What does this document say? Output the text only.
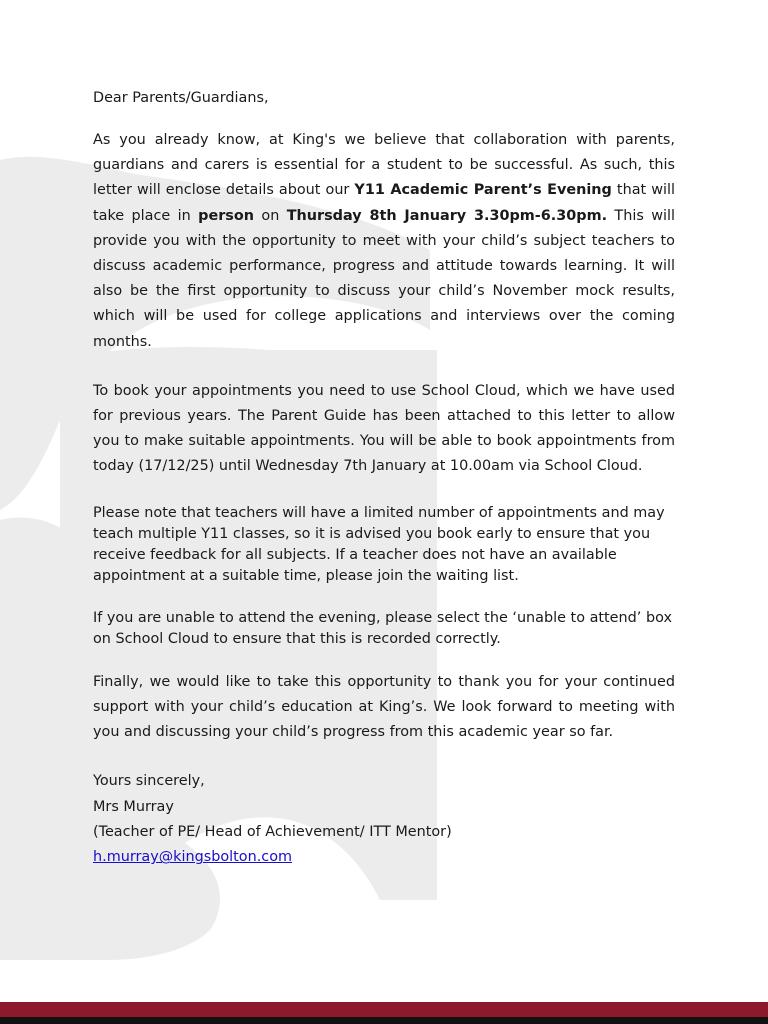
Dear Parents/Guardians,

As you already know, at King's we believe that collaboration with parents, guardians and carers is essential for a student to be successful. As such, this letter will enclose details about our Y11 Academic Parent’s Evening that will take place in person on Thursday 8th January 3.30pm-6.30pm. This will provide you with the opportunity to meet with your child’s subject teachers to discuss academic performance, progress and attitude towards learning. It will also be the first opportunity to discuss your child’s November mock results, which will be used for college applications and interviews over the coming months.

To book your appointments you need to use School Cloud, which we have used for previous years. The Parent Guide has been attached to this letter to allow you to make suitable appointments. You will be able to book appointments from today (17/12/25) until Wednesday 7th January at 10.00am via School Cloud.

Please note that teachers will have a limited number of appointments and may teach multiple Y11 classes, so it is advised you book early to ensure that you receive feedback for all subjects. If a teacher does not have an available appointment at a suitable time, please join the waiting list.

If you are unable to attend the evening, please select the ‘unable to attend’ box on School Cloud to ensure that this is recorded correctly.

Finally, we would like to take this opportunity to thank you for your continued support with your child’s education at King’s. We look forward to meeting with you and discussing your child’s progress from this academic year so far.

Yours sincerely,

Mrs Murray

(Teacher of PE/ Head of Achievement/ ITT Mentor)

h.murray@kingsbolton.com
